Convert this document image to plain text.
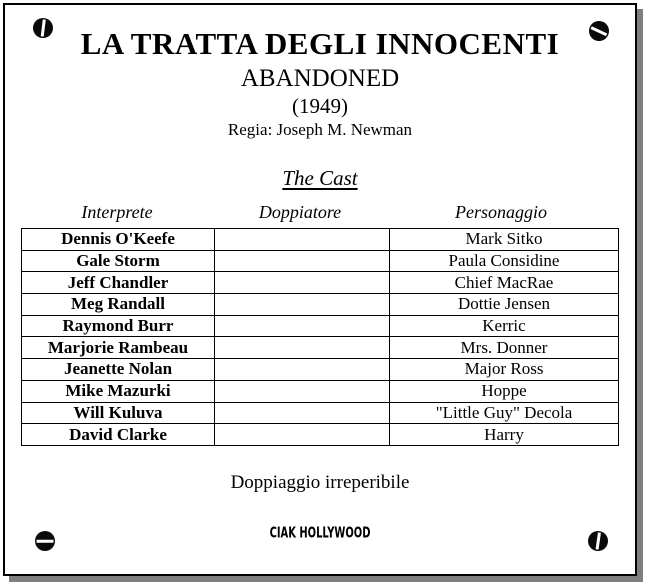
LA TRATTA DEGLI INNOCENTI
ABANDONED
(1949)
Regia: Joseph M. Newman
The Cast
Interprete	Doppiatore	Personaggio
Dennis O'Keefe		Mark Sitko
Gale Storm		Paula Considine
Jeff Chandler		Chief MacRae
Meg Randall		Dottie Jensen
Raymond Burr		Kerric
Marjorie Rambeau		Mrs. Donner
Jeanette Nolan		Major Ross
Mike Mazurki		Hoppe
Will Kuluva		"Little Guy" Decola
David Clarke		Harry
Doppiaggio irreperibile
CIAK HOLLYWOOD
